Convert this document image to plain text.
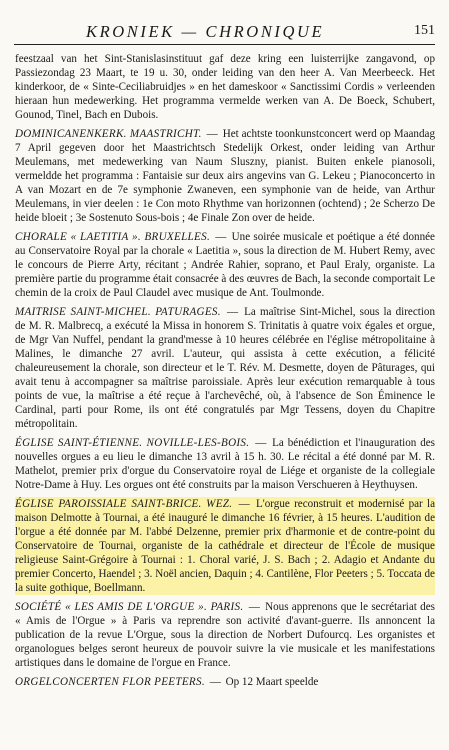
KRONIEK — CHRONIQUE	151

feestzaal van het Sint-Stanislasinstituut gaf deze kring een luisterrijke zangavond, op Passiezondag 23 Maart, te 19 u. 30, onder leiding van den heer A. Van Meerbeeck. Het kinderkoor, de « Sinte-Ceciliabruidjes » en het dameskoor « Sanctissimi Cordis » verleenden hieraan hun medewerking. Het programma vermelde werken van A. De Boeck, Schubert, Gounod, Tinel, Bach en Dubois.

DOMINICANENKERK. MAASTRICHT. — Het achtste toonkunstconcert werd op Maandag 7 April gegeven door het Maastrichtsch Stedelijk Orkest, onder leiding van Arthur Meulemans, met medewerking van Naum Sluszny, pianist. Buiten enkele pianosoli, vermeldde het programma : Fantaisie sur deux airs angevins van G. Lekeu ; Pianoconcerto in A van Mozart en de 7e symphonie Zwaneven, een symphonie van de heide, van Arthur Meulemans, in vier deelen : 1e Con moto Rhythme van horizonnen (ochtend) ; 2e Scherzo De heide bloeit ; 3e Sostenuto Sous-bois ; 4e Finale Zon over de heide.

CHORALE « LAETITIA ». BRUXELLES. — Une soirée musicale et poétique a été donnée au Conservatoire Royal par la chorale « Laetitia », sous la direction de M. Hubert Remy, avec le concours de Pierre Arty, récitant ; Andrée Rahier, soprano, et Paul Eraly, organiste. La première partie du programme était consacrée à des œuvres de Bach, la seconde comportait Le chemin de la croix de Paul Claudel avec musique de Ant. Toulmonde.

MAITRISE SAINT-MICHEL. PATURAGES. — La maîtrise Sint-Michel, sous la direction de M. R. Malbrecq, a exécuté la Missa in honorem S. Trinitatis à quatre voix égales et orgue, de Mgr Van Nuffel, pendant la grand'messe à 10 heures célébrée en l'église métropolitaine à Malines, le dimanche 27 avril. L'auteur, qui assista à cette exécution, a félicité chaleureusement la chorale, son directeur et le T. Rév. M. Desmette, doyen de Pâturages, qui avait tenu à accompagner sa maîtrise paroissiale. Après leur exécution remarquable à tous points de vue, la maîtrise a été reçue à l'archevêché, où, à l'absence de Son Éminence le Cardinal, parti pour Rome, ils ont été congratulés par Mgr Tessens, doyen du Chapitre métropolitain.

ÉGLISE SAINT-ÉTIENNE. NOVILLE-LES-BOIS. — La bénédiction et l'inauguration des nouvelles orgues a eu lieu le dimanche 13 avril à 15 h. 30. Le récital a été donné par M. R. Mathelot, premier prix d'orgue du Conservatoire royal de Liége et organiste de la collegiale Notre-Dame à Huy. Les orgues ont été construits par la maison Verschueren à Heythuysen.

ÉGLISE PAROISSIALE SAINT-BRICE. WEZ. — L'orgue reconstruit et modernisé par la maison Delmotte à Tournai, a été inauguré le dimanche 16 février, à 15 heures. L'audition de l'orgue a été donnée par M. l'abbé Delzenne, premier prix d'harmonie et de contre-point du Conservatoire de Tournai, organiste de la cathédrale et directeur de l'École de musique religieuse Saint-Grégoire à Tournai : 1. Choral varié, J. S. Bach ; 2. Adagio et Andante du premier Concerto, Haendel ; 3. Noël ancien, Daquin ; 4. Cantilène, Flor Peeters ; 5. Toccata de la suite gothique, Boellmann.

SOCIÉTÉ « LES AMIS DE L'ORGUE ». PARIS. — Nous apprenons que le secrétariat des « Amis de l'Orgue » à Paris va reprendre son activité d'avant-guerre. Ils annoncent la publication de la revue L'Orgue, sous la direction de Norbert Dufourcq. Les organistes et organologues belges seront heureux de pouvoir suivre la vie musicale et les manifestations artistiques dans le domaine de l'orgue en France.

ORGELCONCERTEN FLOR PEETERS. — Op 12 Maart speelde
